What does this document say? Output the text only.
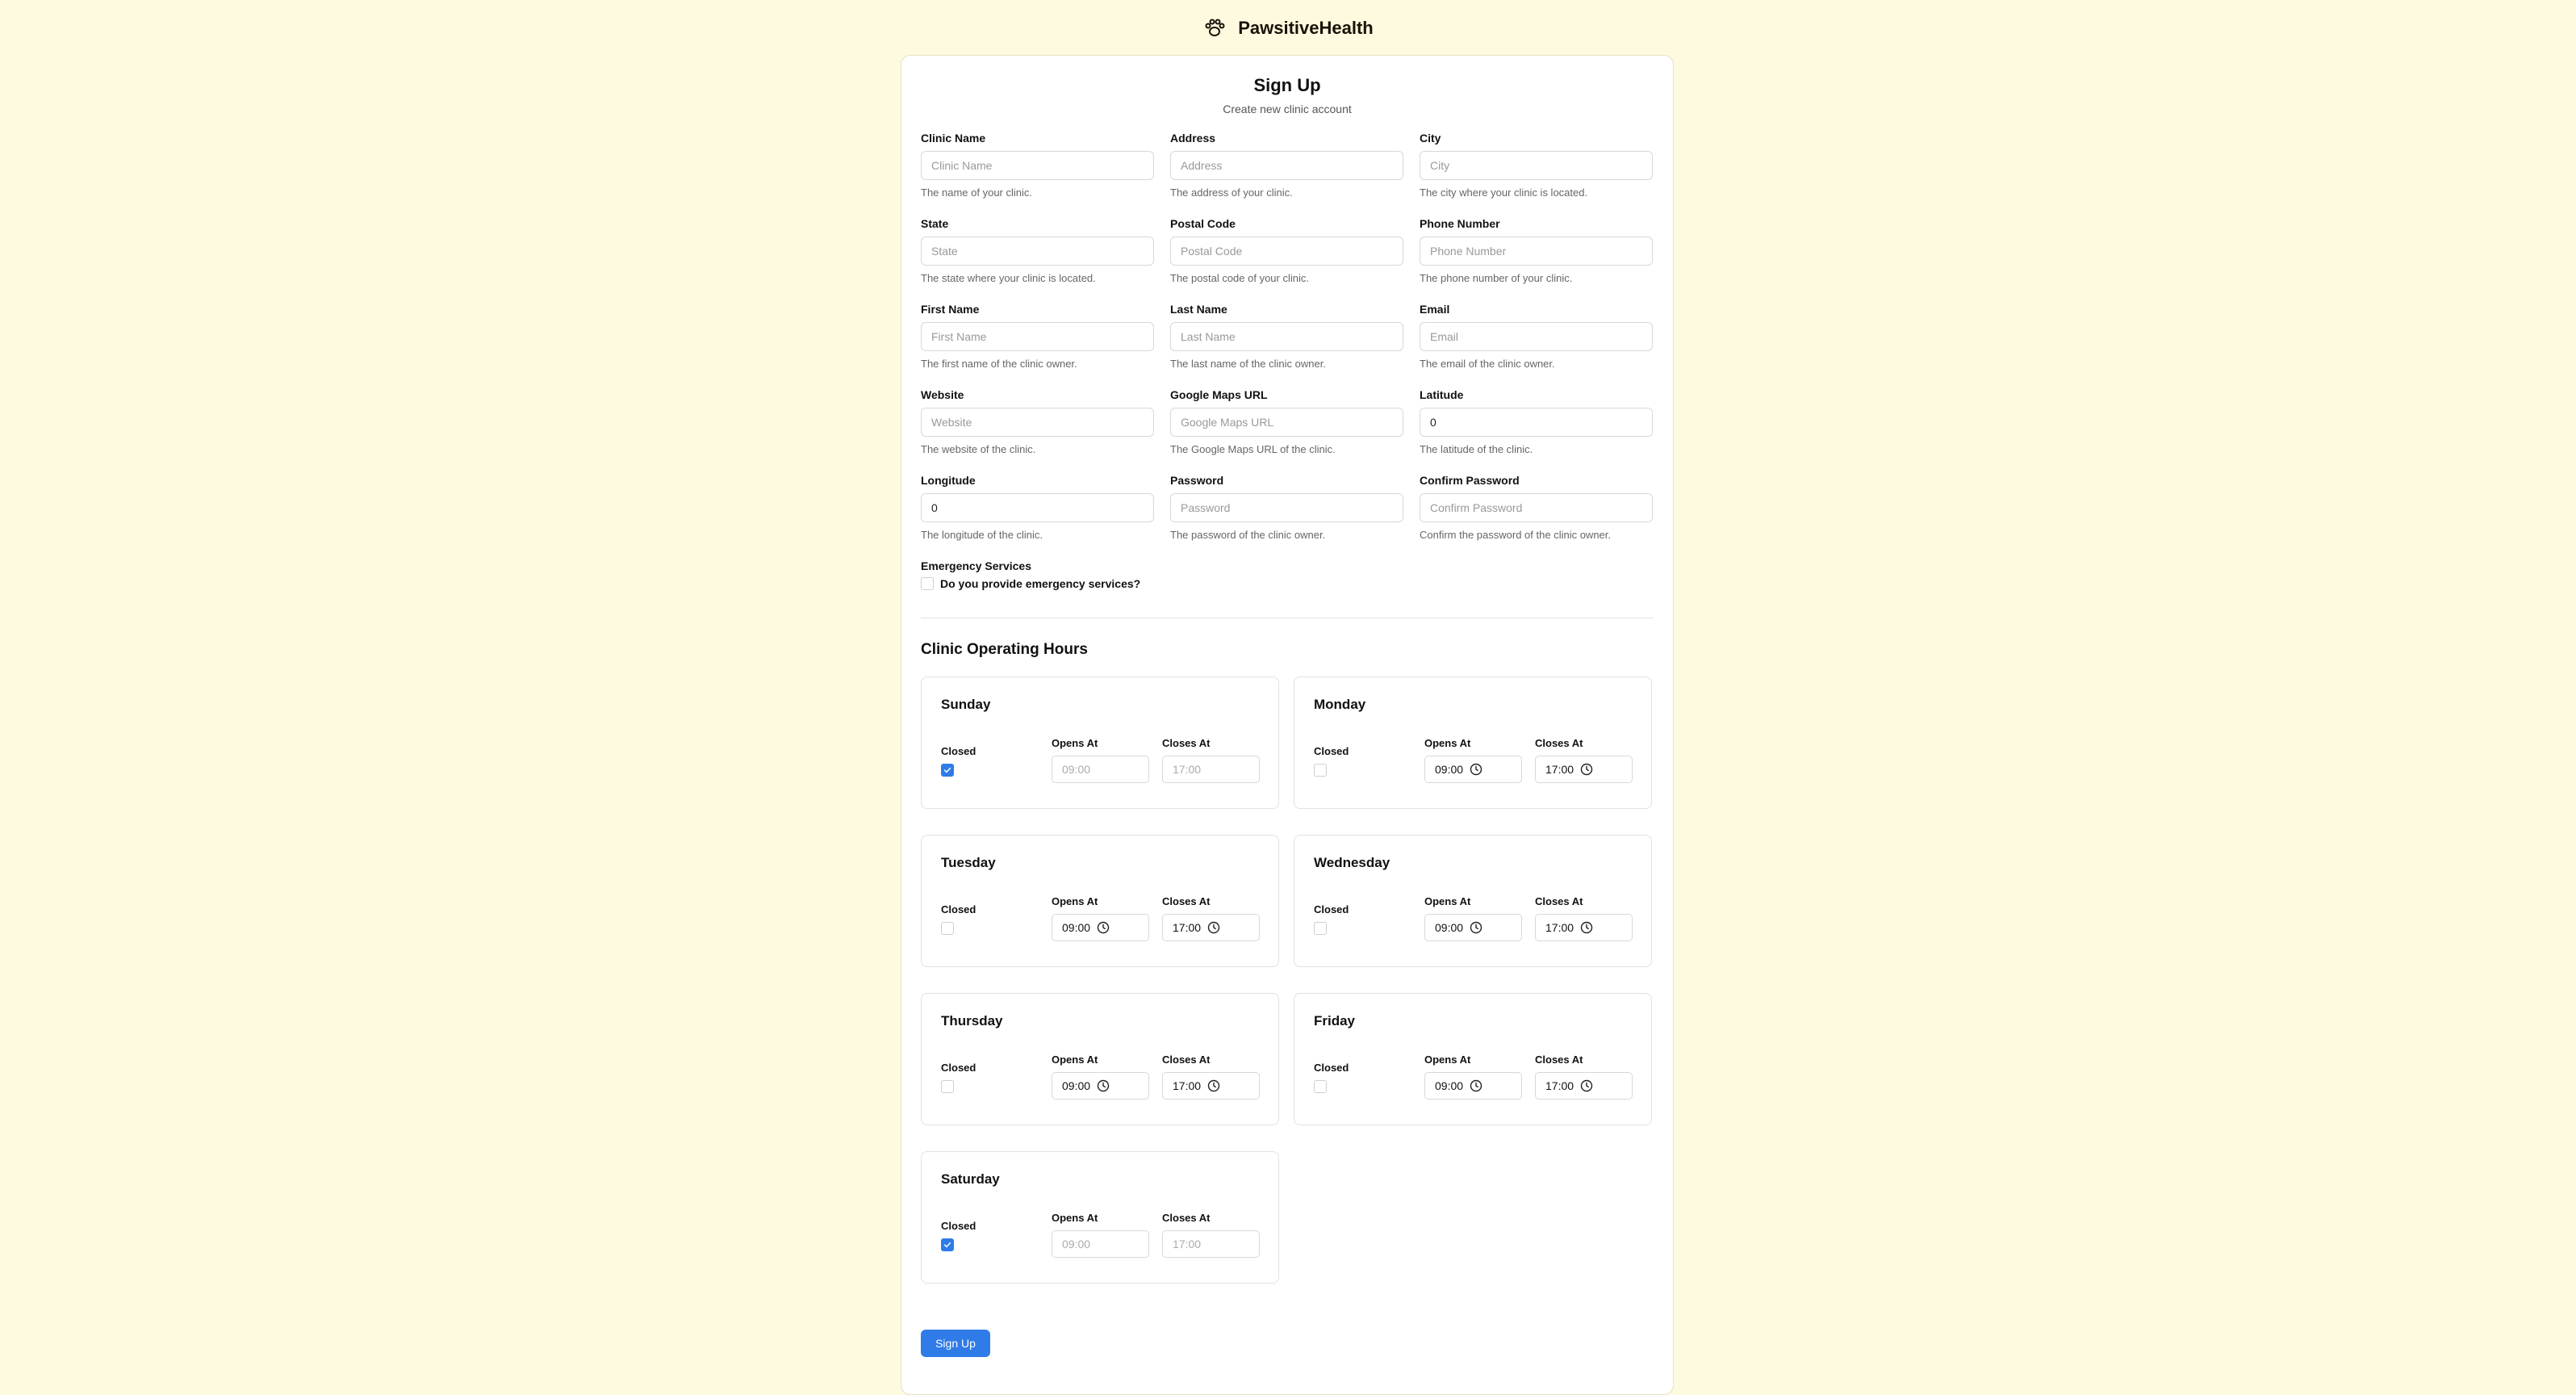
PawsitiveHealth
Sign Up
Create new clinic account
Clinic Name
Clinic Name
The name of your clinic.
Address
Address
The address of your clinic.
City
City
The city where your clinic is located.
State
State
The state where your clinic is located.
Postal Code
Postal Code
The postal code of your clinic.
Phone Number
Phone Number
The phone number of your clinic.
First Name
First Name
The first name of the clinic owner.
Last Name
Last Name
The last name of the clinic owner.
Email
Email
The email of the clinic owner.
Website
Website
The website of the clinic.
Google Maps URL
Google Maps URL
The Google Maps URL of the clinic.
Latitude
0
The latitude of the clinic.
Longitude
0
The longitude of the clinic.
Password
Password
The password of the clinic owner.
Confirm Password
Confirm Password
Confirm the password of the clinic owner.
Emergency Services
Do you provide emergency services?
Clinic Operating Hours
Sunday
Closed
Opens At
09:00
Closes At
17:00
Monday
Closed
Opens At
09:00
Closes At
17:00
Tuesday
Closed
Opens At
09:00
Closes At
17:00
Wednesday
Closed
Opens At
09:00
Closes At
17:00
Thursday
Closed
Opens At
09:00
Closes At
17:00
Friday
Closed
Opens At
09:00
Closes At
17:00
Saturday
Closed
Opens At
09:00
Closes At
17:00
Sign Up
